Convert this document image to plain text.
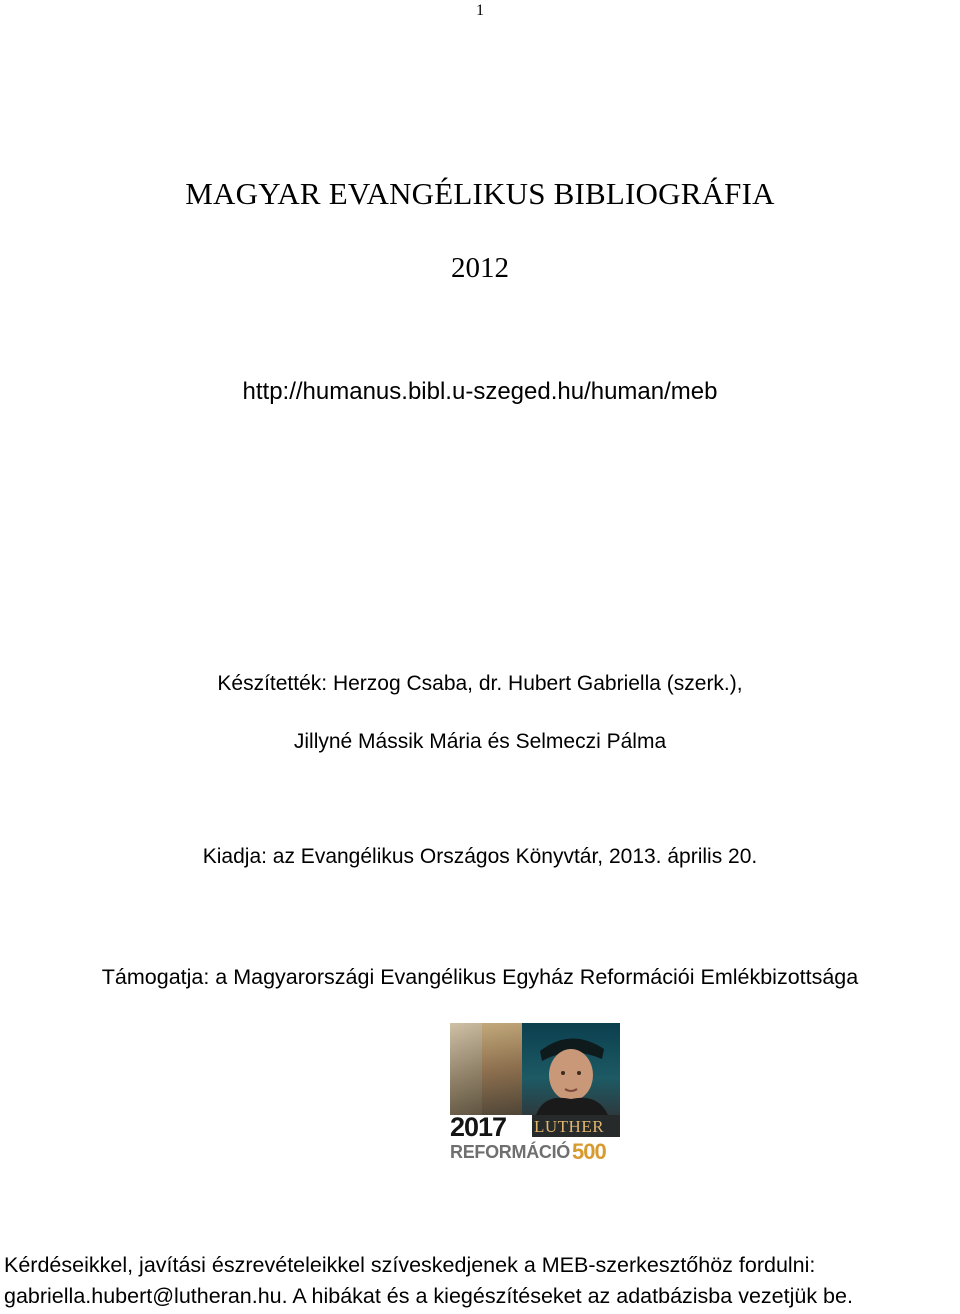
1
MAGYAR EVANGÉLIKUS BIBLIOGRÁFIA
2012
http://humanus.bibl.u-szeged.hu/human/meb
Készítették: Herzog Csaba, dr. Hubert Gabriella (szerk.),
Jillyné Mássik Mária és Selmeczi Pálma
Kiadja: az Evangélikus Országos Könyvtár, 2013. április 20.
Támogatja: a Magyarországi Evangélikus Egyház Reformációi Emlékbizottsága
2017 LUTHER
REFORMÁCIÓ 500
Kérdéseikkel, javítási észrevételeikkel szíveskedjenek a MEB-szerkesztőhöz fordulni:
gabriella.hubert@lutheran.hu. A hibákat és a kiegészítéseket az adatbázisba vezetjük be.
